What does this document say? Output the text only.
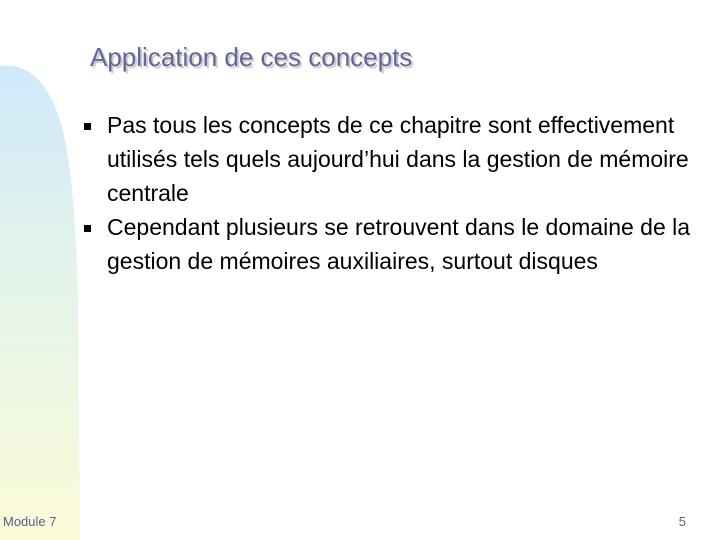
Application de ces concepts
Pas tous les concepts de ce chapitre sont effectivement utilisés tels quels aujourd’hui dans la gestion de mémoire centrale
Cependant plusieurs se retrouvent dans le domaine de la gestion de mémoires auxiliaires, surtout disques
Module 7	5
